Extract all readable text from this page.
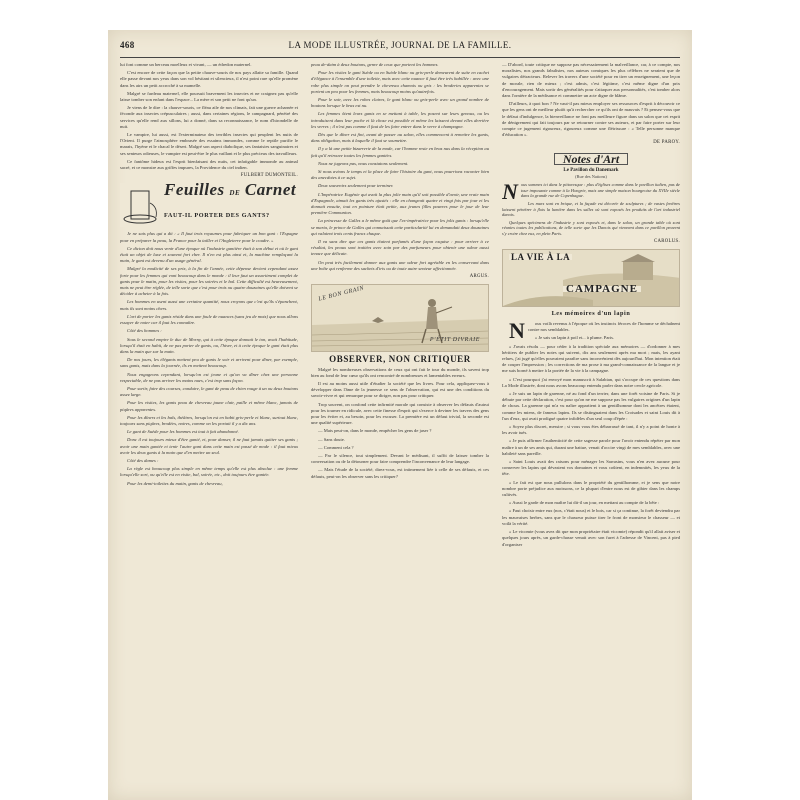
468	LA MODE ILLUSTRÉE, JOURNAL DE LA FAMILLE.

lui font comme un berceau moelleux et vivant, — un édredon maternel.

C'est encore de cette façon que la petite chauve-souris de nos pays allaite sa famille. Quand elle passe devant nos yeux dans son vol bésitant et silencieux, il n'est point rare qu'elle promène dans les airs un petit accroché à sa mamelle.

Malgré se fardeau maternel, elle poursuit bravement les insectes et ne craignez pas qu'elle laisse tomber son enfant dans l'espace... La mère et son petit ne font qu'un.

Je viens de le dire : la chauve-souris, ce fléau aile de nos climats, fait une guerre acharnée et féconde aux insectes crépusculaires ; aussi, dans certaines régions, le campagnard, pénétré des services qu'elle rend aux sillons, lui a donné, dans sa reconnaissance, le nom d'hirondelle de nuit.

Le vampire, lui aussi, est l'exterminateur des terribles insectes qui peuplent les nuits de l'Orient. Il purge l'atmosphère embrasée des essaims immondes, comme le reptile purifie le marais, l'hyène et le chacal le désert. Malgré son aspect diabolique, ses fantaisies sanguinaires et ses senteurs odieuses, le vampire est peut-être le plus vaillant et le plus précieux des travailleurs.

Ce fantôme hideux est l'esprit bienfaisant des nuits, cet infatigable immonde au animal sacré, et ce monstre aux griffes impures, la Providence du ciel indien.

FULBERT DUMONTEIL.
Feuilles DE Carnet
FAUT-IL PORTER DES GANTS?

Je ne sais plus qui a dit : « Il faut trois royaumes pour fabriquer un bon gant : l'Espagne pour en préparer la peau, la France pour la tailler et l'Angleterre pour le coudre. »

Ce dicton doit nous venir d'une époque où l'industrie gantière était à son début et où le gant était un objet de luxe et souvent fort cher. Il n'en est plus ainsi et, la machine remplaçant la main, le gant est devenu d'un usage général.

Malgré la modicité de ses prix, à la fin de l'année, cette dépense devient cependant assez forte pour les femmes qui vont beaucoup dans le monde : il leur faut un assortiment complet de gants pour le matin, pour les visites, pour les soirées et le bal. Cette difficulté est heureusement, mais ne peut être réglée, de telle sorte que c'est pour trois ou quatre douzaines qu'elle doivent se décider à acheter à la fois.

Les hommes en usent aussi une certaine quantité, nous croyons que c'est qu'ils s'épanchent, mais ils sont moins chers.

L'art de porter les gants réside dans une foule de nuances (sans jeu de mots) que nous allons essayer de noter car il faut les connaître.

Côté des hommes :

Sous le second empire le duc de Morny, qui à cette époque donnait le ton, avait l'habitude, lorsqu'il était en habit, de ne pas porter de gants, ou, l'hiver, et à cette époque le gant était plus dans la main que sur la main.

De nos jours, les élégants mettent peu de gants le soir et arrivent pour dîner, par exemple, sans gants, mais dans la journée, ils en mettent beaucoup.

Nous engageons cependant, lorsqu'on est jeune et qu'on va dîner chez une personne respectable, de ne pas arriver les mains nues, c'est trop sans façon.

Pour sortir, faire des courses, conduire, le gant de peau de chien rouge à un ou deux boutons assez large.

Pour les visites, les gants peau de chevreau jaune clair, paille et même blanc, jamais de piqûres apparentes.

Pour les dîners et les bals, théâtres, lorsqu'on est en habit gris-perle et blanc, surtout blanc, toujours sans piqûres, brodées, noires, comme on les portait il y a dix ans.

Le gant de Suède pour les hommes est tout à fait abandonné.

Donc il est toujours mieux d'être ganté, et, pour danser, il ne faut jamais quitter ses gants ; avoir une main gantée et tenir l'autre gant dans cette main est passé de mode : il faut mieux avoir les deux gants à la main que d'en mettre un seul.

Côté des dames :

La règle est beaucoup plus simple en même temps qu'elle est plus absolue : une femme lorsqu'elle sort, ou qu'elle est en visite, bal, soirée, etc., doit toujours être gantée.

Pour les demi-toilettes du matin, gants de chevreau,

peau de-daim à deux boutons, genre de ceux que portent les hommes.

Pour les visites le gant Suède ou en Suède blanc ou gris-perle demeurent de suite en cachet d'élégance à l'ensemble d'une toilette, mais avec cette nuance il faut être très habillée : avec une robe plus simple on peut prendre le chevreau chamois ou gris : les broderies apparentes se portent un peu pour les femmes, mais beaucoup moins qu'autrefois.

Pour le soir, avec les robes claires, le gant blanc ou gris-perle avec un grand nombre de boutons lorsque le bras est nu.

Les femmes ôtent leurs gants en se mettant à table, les posent sur leurs genoux, ou les introduisent dans leur poche et là chose est possible et même les laissent devant elles derrière les verres ; il n'est pas comme il faut de les faire entrer dans le verre à champagne.

Dès que le dîner est fini, avant de passer au salon, elles commencent à remettre les gants, dans obligation, mais à laquelle il faut se soumettre.

Il y a là une petite bizarrerie de la mode, car l'homme reste en bras nus dans la réception au fait qu'il retrouve toutes les femmes gantées.

Nous ne jugeons pas, nous constatons seulement.

Si nous avions le temps et la place de faire l'histoire du gant, nous pourrions raconter bien des anecdotes à ce sujet.

Deux souvenirs seulement pour terminer.

L'Impératrice Eugénie qui avait la plus jolie main qu'il soit possible d'avoir, une vraie main d'Espagnole, aimait les gants très ajustés : elle en changeait quatre et vingt fois par jour et les donnait ensuite, tout en pointure était petite, aux jeunes filles pauvres pour le jour de leur première Communion.

La princesse de Galles a le même goût que l'ex-impératrice pour les jolis gants : lorsqu'elle se maria, le prince de Galles qui connaissait cette particularité lui en demandait deux douzaines qui valaient trois cents francs chaque.

Il va sans dire que ces gants étaient parfumés d'une façon exquise : pour arriver à ce résultat, les peaux sont traitées avec soin par des parfumeurs pour obtenir une odeur aussi tenace que délicate.

On peut très facilement donner aux gants une odeur fort agréable en les conservant dans une boîte qui renferme des sachets d'iris ou de toute autre senteur affectionnée.

ARGUS.
LE BON GRAIN
P'ÉTIT DIVRAIE
OBSERVER, NON CRITIQUER

Malgré les nombreuses observations de ceux qui ont fait le tour du monde, ils savent trop bien au fond de leur cœur qu'ils ont rencontré de nombreuses et lamentables erreurs.

Il est au moins aussi utile d'étudier la société que les livres. Pour cela, appliquez-vous à développer dans l'âme de la jeunesse ce sens de l'observation, qui est une des conditions du savoir-vivre et qui remarque pour se diriger, non pas pour critiquer.

Trop souvent, on confond cette infirmité morale qui consiste à observer les défauts d'autrui pour les tourner en ridicule, avec cette finesse d'esprit qui s'exerce à deviner les travers des gens pour les éviter et, au besoin, pour les excuser. La première est un défaut trivial, la seconde est une qualité supérieure.

— Mais peut-on, dans le monde, empêcher les gens de jaser ?

— Sans doute.

— Comment cela ?

— Par le silence, tout simplement. Devant le médisant, il suffit de laisser tomber la conversation ou de la détourner pour faire comprendre l'inconvenance de leur langage.

— Mais l'étude de la société, direz-vous, est intimement liée à celle de ses défauts, et ces défauts, peut-on les observer sans les critiquer?

— D'abord, toute critique ne suppose pas nécessairement la malveillance, car, à ce compte, nos moralistes, nos grands fabulistes, nos auteurs comiques les plus célèbres ne seraient que de vulgaires détracteurs. Relever les travers d'une société pour en tirer un enseignement, une leçon de morale, rien de mieux ; c'est admis, c'est légitime, c'est même digne d'un prix d'encouragement. Mais sortir des généralités pour s'attaquer aux personnalités, c'est tomber alors dans l'ornière de la médisance et commettre un acte digne de blâme.

D'ailleurs, à quoi bon ? Ne vaut-il pas mieux employer ses ressources d'esprit à découvrir ce que les gens ont de meilleur plutôt qu'à rechercher ce qu'ils ont de mauvais ? Et pensez-vous que le défaut d'indulgence, la bienveillance ne font pas meilleure figure dans un salon que cet esprit de dénigrement qui fait toujours par se retourner contre ses auteurs, et par faire porter sur leur compte ce jugement rigoureux, rigoureux comme une flétrissure : « Telle personne manque d'éducation ».

DE PAROY.
Notes d'Art
Le Pavillon du Danemark
(Rue des Nations)

Nous sommes ici dans le pittoresque : plus d'églises comme dans le pavillon italien, pas de tour imposante comme à la Hongrie, mais une simple maison bourgeoise du XVIIe siècle dans la grande rue de Copenhague.

Les murs sont en brique, et la façade est décorée de sculptures ; de vastes fenêtres laissent pénétrer à flots la lumière dans les salles où sont exposés les produits de l'art industriel danois.

Quelques spécimens de l'industrie y sont exposés et, dans le salon, un grande table où sont réunies toutes les publications, de telle sorte que les Danois qui viennent dans ce pavillon peuvent s'y croire chez eux, en plein Paris.

CAROLUS.
LA VIE À LA
CAMPAGNE
Les mémoires d'un lapin

N ous voilà revenus à l'époque où les instincts féroces de l'homme se déchaînent contre nos semblables.

« Je sais un lapin à poil et... à plume. Paris.

« J'avais résolu — pour céder à la tradition spéciale aux mémoires — d'ordonner à mes héritiers de publier les notes qui suivent, dix ans seulement après ma mort ; mais, les ayant relues, j'ai jugé qu'elles pouvaient paraître sans inconvénient dès aujourd'hui. Mon intention était de couper l'impression ; les corrections de ma prose à ma grand-connaissance de la langue et je me suis borné à mettre à la portée de la vie à la campagne.

« C'est pourquoi j'ai envoyé mon manuscrit à Salabian, qui s'occupe de ces questions dans La Mode illustrée, dont nous avons beaucoup entendu parler dans notre cercle agricole.

« Je suis un lapin de garenne, né au fond d'un terrier, dans une forêt voisine de Paris. Si je débute par cette déclaration, c'est pour qu'on ne me suppose pas les vulgaires origines d'un lapin de choux. La garenne qui m'a vu naître appartient à un gentilhomme dont les ancêtres étaient, comme les miens, de fameux lapins. Ils se distinguaient dans les Croisades et saint Louis dit à l'un d'eux, qui avait prodigué quatre infidèles d'un seul coup d'épée :

« Soyez plus discret, messire ; si vous vous êtes débarrassé de tant, il n'y a point de honte à les avoir tués.

« Je puis affirmer l'authenticité de cette sagesse parole pour l'avoir entendu répéter par mon maître à un de ses amis qui, durant une battue, venait d'occire vingt de mes semblables, avec une habileté sans pareille.

« Saint Louis avait des raisons pour ménager les Sarrasins, vous n'en avez aucune pour conserver les lapins qui dévastent vos domaines et vous coûtent, en indemnités, les yeux de la tête.

« Le fait est que nous pullulons dans le propriété du gentilhomme, et je sens que notre nombre porte préjudice aux moissons, ce la plupart d'entre nous est de gibier dans les champs cultivés.

« Aussi le garde de mon maître lui dit-il un jour, en mettant au compte de la bête :

« Faut choisir entre eux (nos, c'était nous) et le bois, car si ça continue, la forêt deviendra par les mauvaises herbes, sans que le chasseur puisse tirer le front de monsieur le chasseur — et voilà la vérité.

« Le vicomte (vous avez dit que mon propriétaire était vicomte) répondit qu'il allait aviser et quelques jours après, un garde-chasse venait avec son furet à l'adresse de Vincent, pas à pied d'organiser
